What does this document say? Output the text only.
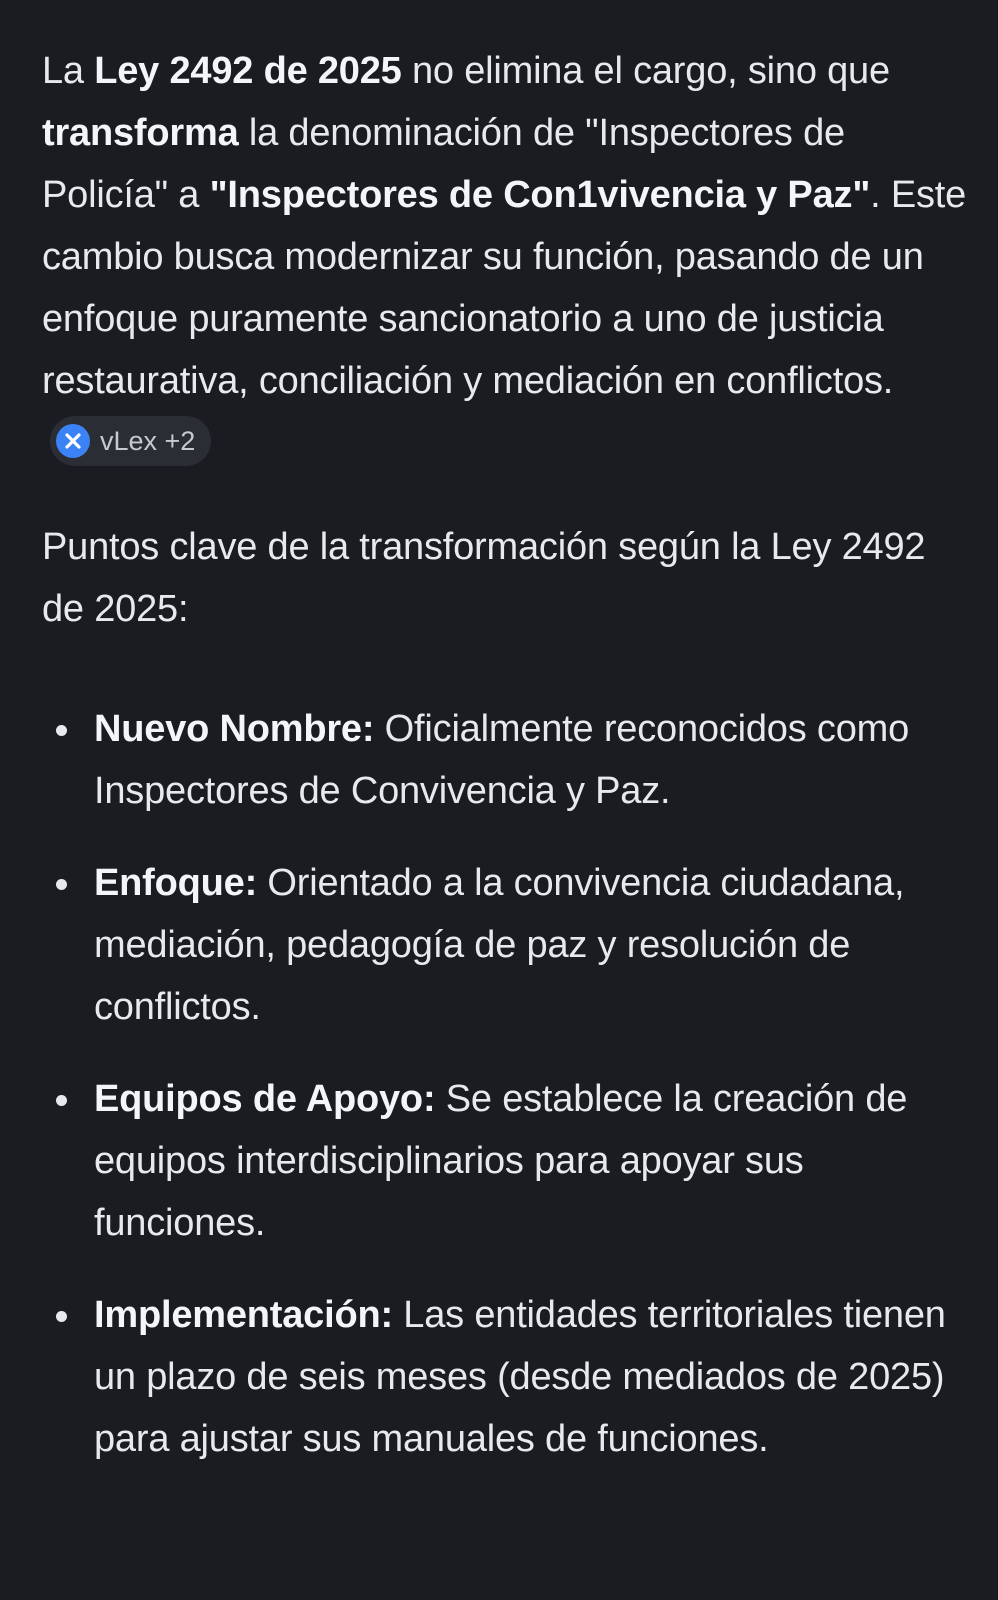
La Ley 2492 de 2025 no elimina el cargo, sino que transforma la denominación de "Inspectores de Policía" a "Inspectores de Con1vivencia y Paz". Este cambio busca modernizar su función, pasando de un enfoque puramente sancionatorio a uno de justicia restaurativa, conciliación y mediación en conflictos.
vLex +2

Puntos clave de la transformación según la Ley 2492 de 2025:

Nuevo Nombre: Oficialmente reconocidos como Inspectores de Convivencia y Paz.
Enfoque: Orientado a la convivencia ciudadana, mediación, pedagogía de paz y resolución de conflictos.
Equipos de Apoyo: Se establece la creación de equipos interdisciplinarios para apoyar sus funciones.
Implementación: Las entidades territoriales tienen un plazo de seis meses (desde mediados de 2025) para ajustar sus manuales de funciones.
